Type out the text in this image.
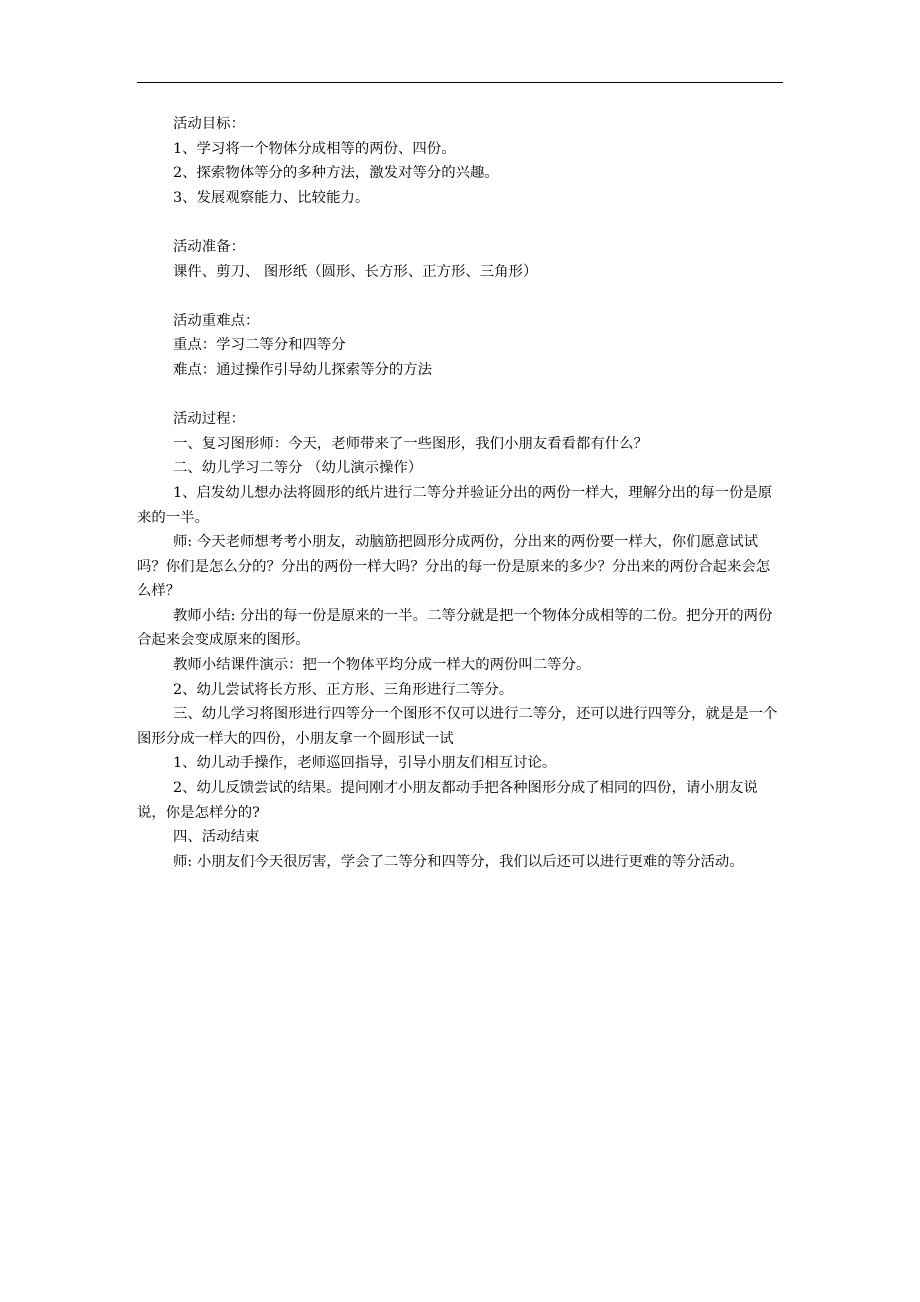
活动目标：

1、学习将一个物体分成相等的两份、四份。

2、探索物体等分的多种方法，激发对等分的兴趣。

3、发展观察能力、比较能力。

活动准备：

课件、剪刀、 图形纸（圆形、长方形、正方形、三角形）

活动重难点：

重点：学习二等分和四等分

难点：通过操作引导幼儿探索等分的方法

活动过程：

一、复习图形师：今天，老师带来了一些图形，我们小朋友看看都有什么？

二、幼儿学习二等分 （幼儿演示操作）

1、启发幼儿想办法将圆形的纸片进行二等分并验证分出的两份一样大，理解分出的每一份是原来的一半。

师: 今天老师想考考小朋友，动脑筋把圆形分成两份，分出来的两份要一样大，你们愿意试试吗？你们是怎么分的？分出的两份一样大吗？分出的每一份是原来的多少？分出来的两份合起来会怎么样？

教师小结: 分出的每一份是原来的一半。二等分就是把一个物体分成相等的二份。把分开的两份合起来会变成原来的图形。

教师小结课件演示：把一个物体平均分成一样大的两份叫二等分。

2、幼儿尝试将长方形、正方形、三角形进行二等分。

三、幼儿学习将图形进行四等分一个图形不仅可以进行二等分，还可以进行四等分，就是是一个图形分成一样大的四份，小朋友拿一个圆形试一试

1、幼儿动手操作，老师巡回指导，引导小朋友们相互讨论。

2、幼儿反馈尝试的结果。提问刚才小朋友都动手把各种图形分成了相同的四份，请小朋友说说，你是怎样分的?

四、活动结束

师: 小朋友们今天很厉害，学会了二等分和四等分，我们以后还可以进行更难的等分活动。
